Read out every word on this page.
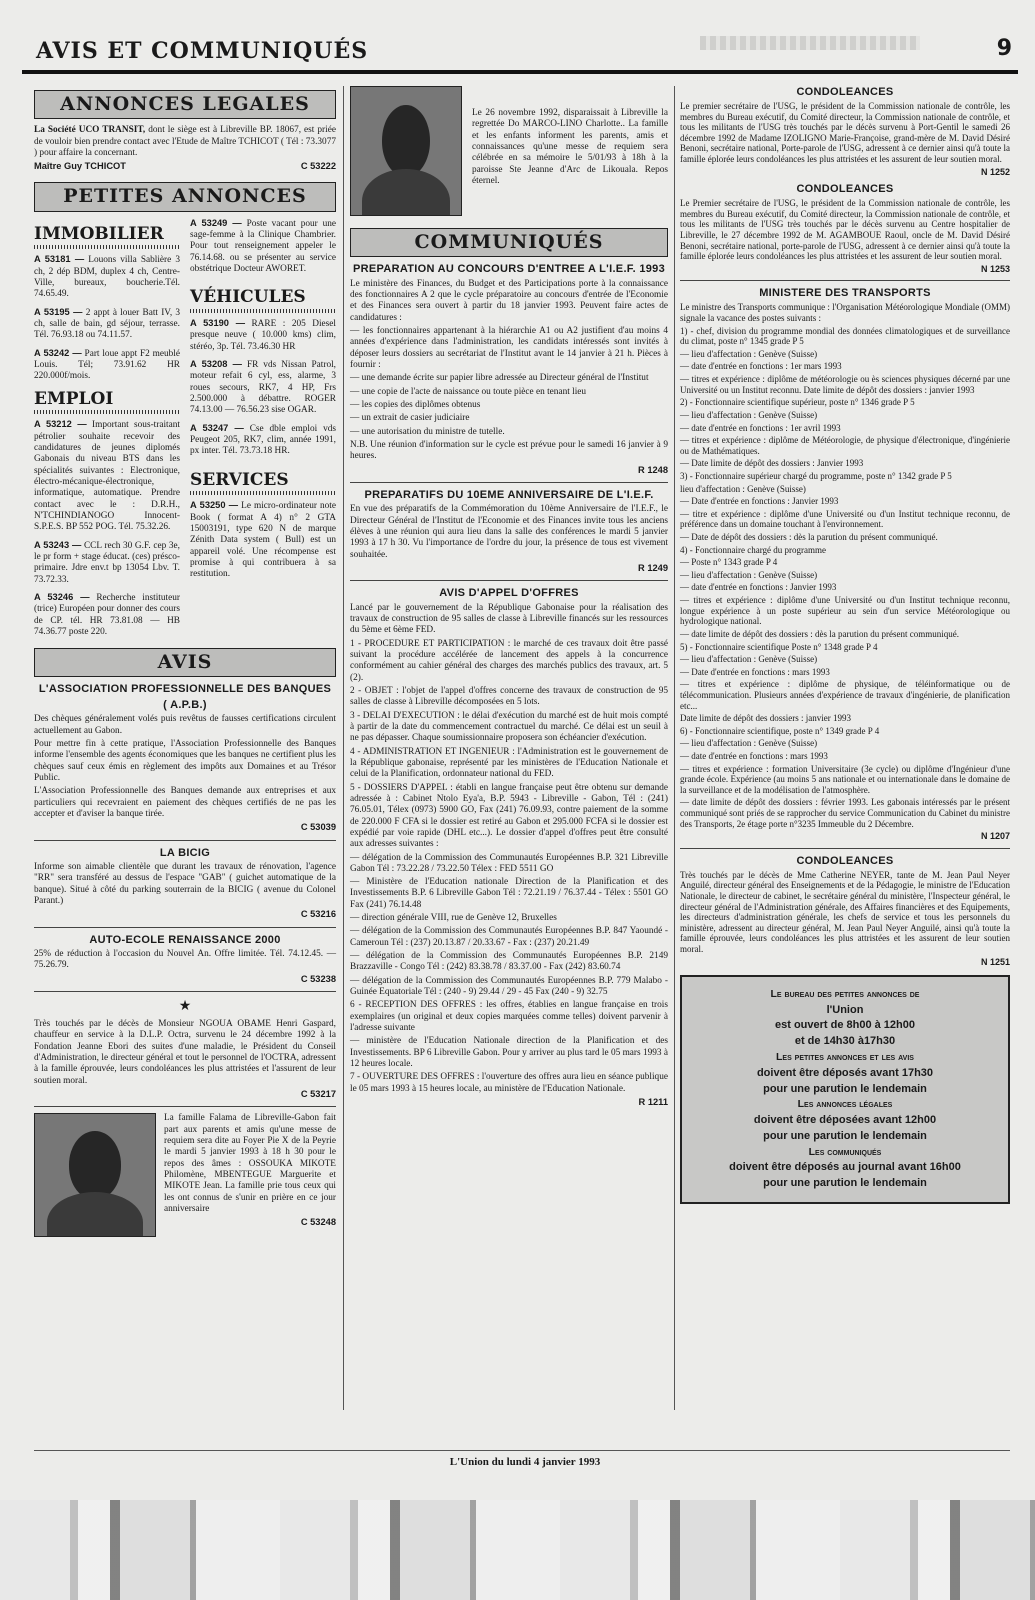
AVIS ET COMMUNIQUÉS	9
ANNONCES LEGALES
La Société UCO TRANSIT, dont le siège est à Libreville BP. 18067, est priée de vouloir bien prendre contact avec l'Etude de Maître TCHICOT ( Tél : 73.3077 ) pour affaire la concernant.
Maître Guy TCHICOT	C 53222
PETITES ANNONCES
IMMOBILIER
A 53181 — Louons villa Sablière 3 ch, 2 dép BDM, duplex 4 ch, Centre-Ville, bureaux, boucherie.Tél. 74.65.49.
A 53195 — 2 appt à louer Batt IV, 3 ch, salle de bain, gd séjour, terrasse. Tél. 76.93.18 ou 74.11.57.
A 53242 — Part loue appt F2 meublé Louis. Tél; 73.91.62 HR 220.000f/mois.
EMPLOI
A 53212 — Important sous-traitant pétrolier souhaite recevoir des candidatures de jeunes diplomés Gabonais du niveau BTS dans les spécialités suivantes : Electronique, électro-mécanique-électronique, informatique, automatique. Prendre contact avec le : D.R.H., N'TCHINDIANOGO Innocent- S.P.E.S. BP 552 POG. Tél. 75.32.26.
A 53243 — CCL rech 30 G.F. cep 3e, le pr form + stage éducat. (ces) présco-primaire. Jdre env.t bp 13054 Lbv. T. 73.72.33.
A 53246 — Recherche instituteur (trice) Européen pour donner des cours de CP. tél. HR 73.81.08 — HB 74.36.77 poste 220.
A 53249 — Poste vacant pour une sage-femme à la Clinique Chambrier. Pour tout renseignement appeler le 76.14.68. ou se présenter au service obstétrique Docteur AWORET.
VÉHICULES
A 53190 — RARE : 205 Diesel presque neuve ( 10.000 kms) clim, stéréo, 3p. Tél. 73.46.30 HR
A 53208 — FR vds Nissan Patrol, moteur refait 6 cyl, ess, alarme, 3 roues secours, RK7, 4 HP, Frs 2.500.000 à débattre. ROGER 74.13.00 — 76.56.23 sise OGAR.
A 53247 — Cse dble emploi vds Peugeot 205, RK7, clim, année 1991, px inter. Tél. 73.73.18 HR.
SERVICES
A 53250 — Le micro-ordinateur note Book ( format A 4) n° 2 GTA 15003191, type 620 N de marque Zénith Data system ( Bull) est un appareil volé. Une récompense est promise à qui contribuera à sa restitution.
AVIS
L'ASSOCIATION PROFESSIONNELLE DES BANQUES
( A.P.B.)
Des chèques généralement volés puis revêtus de fausses certifications circulent actuellement au Gabon.
Pour mettre fin à cette pratique, l'Association Professionnelle des Banques informe l'ensemble des agents économiques que les banques ne certifient plus les chèques sauf ceux émis en règlement des impôts aux Domaines et au Trésor Public.
L'Association Professionnelle des Banques demande aux entreprises et aux particuliers qui recevraient en paiement des chèques certifiés de ne pas les accepter et d'aviser la banque tirée.
C 53039
LA BICIG
Informe son aimable clientèle que durant les travaux de rénovation, l'agence "RR" sera transféré au dessus de l'espace "GAB" ( guichet automatique de la banque). Situé à côté du parking souterrain de la BICIG ( avenue du Colonel Parant.)
C 53216
AUTO-ECOLE RENAISSANCE 2000
25% de réduction à l'occasion du Nouvel An. Offre limitée. Tél. 74.12.45. — 75.26.79.
C 53238
★
Très touchés par le décès de Monsieur NGOUA OBAME Henri Gaspard, chauffeur en service à la D.L.P. Octra, survenu le 24 décembre 1992 à la Fondation Jeanne Ebori des suites d'une maladie, le Président du Conseil d'Administration, le directeur général et tout le personnel de l'OCTRA, adressent à la famille éprouvée, leurs condoléances les plus attristées et l'assurent de leur soutien moral.
C 53217
La famille Falama de Libreville-Gabon fait part aux parents et amis qu'une messe de requiem sera dite au Foyer Pie X de la Peyrie le mardi 5 janvier 1993 à 18 h 30 pour le repos des âmes : OSSOUKA MIKOTE Philomène, MBENTEGUE Marguerite et MIKOTE Jean. La famille prie tous ceux qui les ont connus de s'unir en prière en ce jour anniversaire
C 53248
Le 26 novembre 1992, disparaissait à Libreville la regrettée Do MARCO-LINO Charlotte.. La famille et les enfants informent les parents, amis et connaissances qu'une messe de requiem sera célébrée en sa mémoire le 5/01/93 à 18h à la paroisse Ste Jeanne d'Arc de Likouala. Repos éternel.
COMMUNIQUÉS
PREPARATION AU CONCOURS D'ENTREE A L'I.E.F. 1993
Le ministère des Finances, du Budget et des Participations porte à la connaissance des fonctionnaires A 2 que le cycle préparatoire au concours d'entrée de l'Economie et des Finances sera ouvert à partir du 18 janvier 1993. Peuvent faire actes de candidatures :
— les fonctionnaires appartenant à la hiérarchie A1 ou A2 justifient d'au moins 4 années d'expérience dans l'administration, les candidats intéressés sont invités à déposer leurs dossiers au secrétariat de l'Institut avant le 14 janvier à 21 h. Pièces à fournir :
— une demande écrite sur papier libre adressée au Directeur général de l'Institut
— une copie de l'acte de naissance ou toute pièce en tenant lieu
— les copies des diplômes obtenus
— un extrait de casier judiciaire
— une autorisation du ministre de tutelle.
N.B. Une réunion d'information sur le cycle est prévue pour le samedi 16 janvier à 9 heures.
R 1248
PREPARATIFS DU 10EME ANNIVERSAIRE DE L'I.E.F.
En vue des préparatifs de la Commémoration du 10ème Anniversaire de l'I.E.F., le Directeur Général de l'Institut de l'Economie et des Finances invite tous les anciens élèves à une réunion qui aura lieu dans la salle des conférences le mardi 5 janvier 1993 à 17 h 30. Vu l'importance de l'ordre du jour, la présence de tous est vivement souhaitée.
R 1249
AVIS D'APPEL D'OFFRES
Lancé par le gouvernement de la République Gabonaise pour la réalisation des travaux de construction de 95 salles de classe à Libreville financés sur les ressources du 5ème et 6ème FED.
1 - PROCEDURE ET PARTICIPATION : le marché de ces travaux doit être passé suivant la procédure accélérée de lancement des appels à la concurrence conformément au cahier général des charges des marchés publics des travaux, art. 5 (2).
2 - OBJET : l'objet de l'appel d'offres concerne des travaux de construction de 95 salles de classe à Libreville décomposées en 5 lots.
3 - DELAI D'EXECUTION : le délai d'exécution du marché est de huit mois compté à partir de la date du commencement contractuel du marché. Ce délai est un seuil à ne pas dépasser. Chaque soumissionnaire proposera son échéancier d'exécution.
4 - ADMINISTRATION ET INGENIEUR : l'Administration est le gouvernement de la République gabonaise, représenté par les ministères de l'Education Nationale et celui de la Planification, ordonnateur national du FED.
5 - DOSSIERS D'APPEL : établi en langue française peut être obtenu sur demande adressée à : Cabinet Ntolo Eya'a, B.P. 5943 - Libreville - Gabon, Tél : (241) 76.05.01, Télex (0973) 5900 GO, Fax (241) 76.09.93, contre paiement de la somme de 220.000 F CFA si le dossier est retiré au Gabon et 295.000 FCFA si le dossier est expédié par voie rapide (DHL etc...). Le dossier d'appel d'offres peut être consulté aux adresses suivantes :
— délégation de la Commission des Communautés Européennes B.P. 321 Libreville Gabon Tél : 73.22.28 / 73.22.50 Télex : FED 5511 GO
— Ministère de l'Education nationale Direction de la Planification et des Investissements B.P. 6 Libreville Gabon Tél : 72.21.19 / 76.37.44 - Télex : 5501 GO Fax (241) 76.14.48
— direction générale VIII, rue de Genève 12, Bruxelles
— délégation de la Commission des Communautés Européennes B.P. 847 Yaoundé - Cameroun Tél : (237) 20.13.87 / 20.33.67 - Fax : (237) 20.21.49
— délégation de la Commission des Communautés Européennes B.P. 2149 Brazzaville - Congo Tél : (242) 83.38.78 / 83.37.00 - Fax (242) 83.60.74
— délégation de la Commission des Communautés Européennes B.P. 779 Malabo - Guinée Equatoriale Tél : (240 - 9) 29.44 / 29 - 45 Fax (240 - 9) 32.75
6 - RECEPTION DES OFFRES : les offres, établies en langue française en trois exemplaires (un original et deux copies marquées comme telles) doivent parvenir à l'adresse suivante
— ministère de l'Education Nationale direction de la Planification et des Investissements. BP 6 Libreville Gabon. Pour y arriver au plus tard le 05 mars 1993 à 12 heures locale.
7 - OUVERTURE DES OFFRES : l'ouverture des offres aura lieu en séance publique le 05 mars 1993 à 15 heures locale, au ministère de l'Education Nationale.
R 1211
CONDOLEANCES
Le premier secrétaire de l'USG, le président de la Commission nationale de contrôle, les membres du Bureau exécutif, du Comité directeur, la Commission nationale de contrôle, et tous les militants de l'USG très touchés par le décès survenu à Port-Gentil le samedi 26 décembre 1992 de Madame IZOLIGNO Marie-Françoise, grand-mère de M. David Désiré Benoni, secrétaire national, Porte-parole de l'USG, adressent à ce dernier ainsi qu'à toute la famille éplorée leurs condoléances les plus attristées et les assurent de leur soutien moral.
N 1252
CONDOLEANCES
Le Premier secrétaire de l'USG, le président de la Commission nationale de contrôle, les membres du Bureau exécutif, du Comité directeur, la Commission nationale de contrôle, et tous les militants de l'USG très touchés par le décès survenu au Centre hospitalier de Libreville, le 27 décembre 1992 de M. AGAMBOUE Raoul, oncle de M. David Désiré Benoni, secrétaire national, porte-parole de l'USG, adressent à ce dernier ainsi qu'à toute la famille éplorée leurs condoléances les plus attristées et les assurent de leur soutien moral.
N 1253
MINISTERE DES TRANSPORTS
Le ministre des Transports communique : l'Organisation Météorologique Mondiale (OMM) signale la vacance des postes suivants :
1) - chef, division du programme mondial des données climatologiques et de surveillance du climat, poste n° 1345 grade P 5
— lieu d'affectation : Genève (Suisse)
— date d'entrée en fonctions : 1er mars 1993
— titres et expérience : diplôme de météorologie ou ès sciences physiques décerné par une Université ou un Institut reconnu. Date limite de dépôt des dossiers : janvier 1993
2) - Fonctionnaire scientifique supérieur, poste n° 1346 grade P 5
— lieu d'affectation : Genève (Suisse)
— date d'entrée en fonctions : 1er avril 1993
— titres et expérience : diplôme de Météorologie, de physique d'électronique, d'ingénierie ou de Mathématiques.
— Date limite de dépôt des dossiers : Janvier 1993
3) - Fonctionnaire supérieur chargé du programme, poste n° 1342 grade P 5
lieu d'affectation : Genève (Suisse)
— Date d'entrée en fonctions : Janvier 1993
— titre et expérience : diplôme d'une Université ou d'un Institut technique reconnu, de préférence dans un domaine touchant à l'environnement.
— Date de dépôt des dossiers : dès la parution du présent communiqué.
4) - Fonctionnaire chargé du programme
— Poste n° 1343 grade P 4
— lieu d'affectation : Genève (Suisse)
— date d'entrée en fonctions : Janvier 1993
— titres et expérience : diplôme d'une Université ou d'un Institut technique reconnu, longue expérience à un poste supérieur au sein d'un service Météorologique ou hydrologique national.
— date limite de dépôt des dossiers : dès la parution du présent communiqué.
5) - Fonctionnaire scientifique Poste n° 1348 grade P 4
— lieu d'affectation : Genève (Suisse)
— Date d'entrée en fonctions : mars 1993
— titres et expérience : diplôme de physique, de téléinformatique ou de télécommunication. Plusieurs années d'expérience de travaux d'ingénierie, de planification etc...
Date limite de dépôt des dossiers : janvier 1993
6) - Fonctionnaire scientifique, poste n° 1349 grade P 4
— lieu d'affectation : Genève (Suisse)
— date d'entrée en fonctions : mars 1993
— titres et expérience : formation Universitaire (3e cycle) ou diplôme d'Ingénieur d'une grande école. Expérience (au moins 5 ans nationale et ou internationale dans le domaine de la surveillance et de la modélisation de l'atmosphère.
— date limite de dépôt des dossiers : février 1993. Les gabonais intéressés par le présent communiqué sont priés de se rapprocher du service Communication du Cabinet du ministre des Transports, 2e étage porte n°3235 Immeuble du 2 Décembre.
N 1207
CONDOLEANCES
Très touchés par le décès de Mme Catherine NEYER, tante de M. Jean Paul Neyer Anguilé, directeur général des Enseignements et de la Pédagogie, le ministre de l'Education Nationale, le directeur de cabinet, le secrétaire général du ministère, l'Inspecteur général, le directeur général de l'Administration générale, des Affaires financières et des Equipements, les directeurs d'administration générale, les chefs de service et tous les personnels du ministère, adressent au directeur général, M. Jean Paul Neyer Anguilé, ainsi qu'à toute la famille éprouvée, leurs condoléances les plus attristées et les assurent de leur soutien moral.
N 1251
Le bureau des petites annonces de
l'Union
est ouvert de 8h00 à 12h00
et de 14h30 à17h30
Les petites annonces et les avis
doivent être déposés avant 17h30
pour une parution le lendemain
Les annonces légales
doivent être déposées avant 12h00
pour une parution le lendemain
Les communiqués
doivent être déposés au journal avant 16h00
pour une parution le lendemain
L'Union du lundi 4 janvier 1993
